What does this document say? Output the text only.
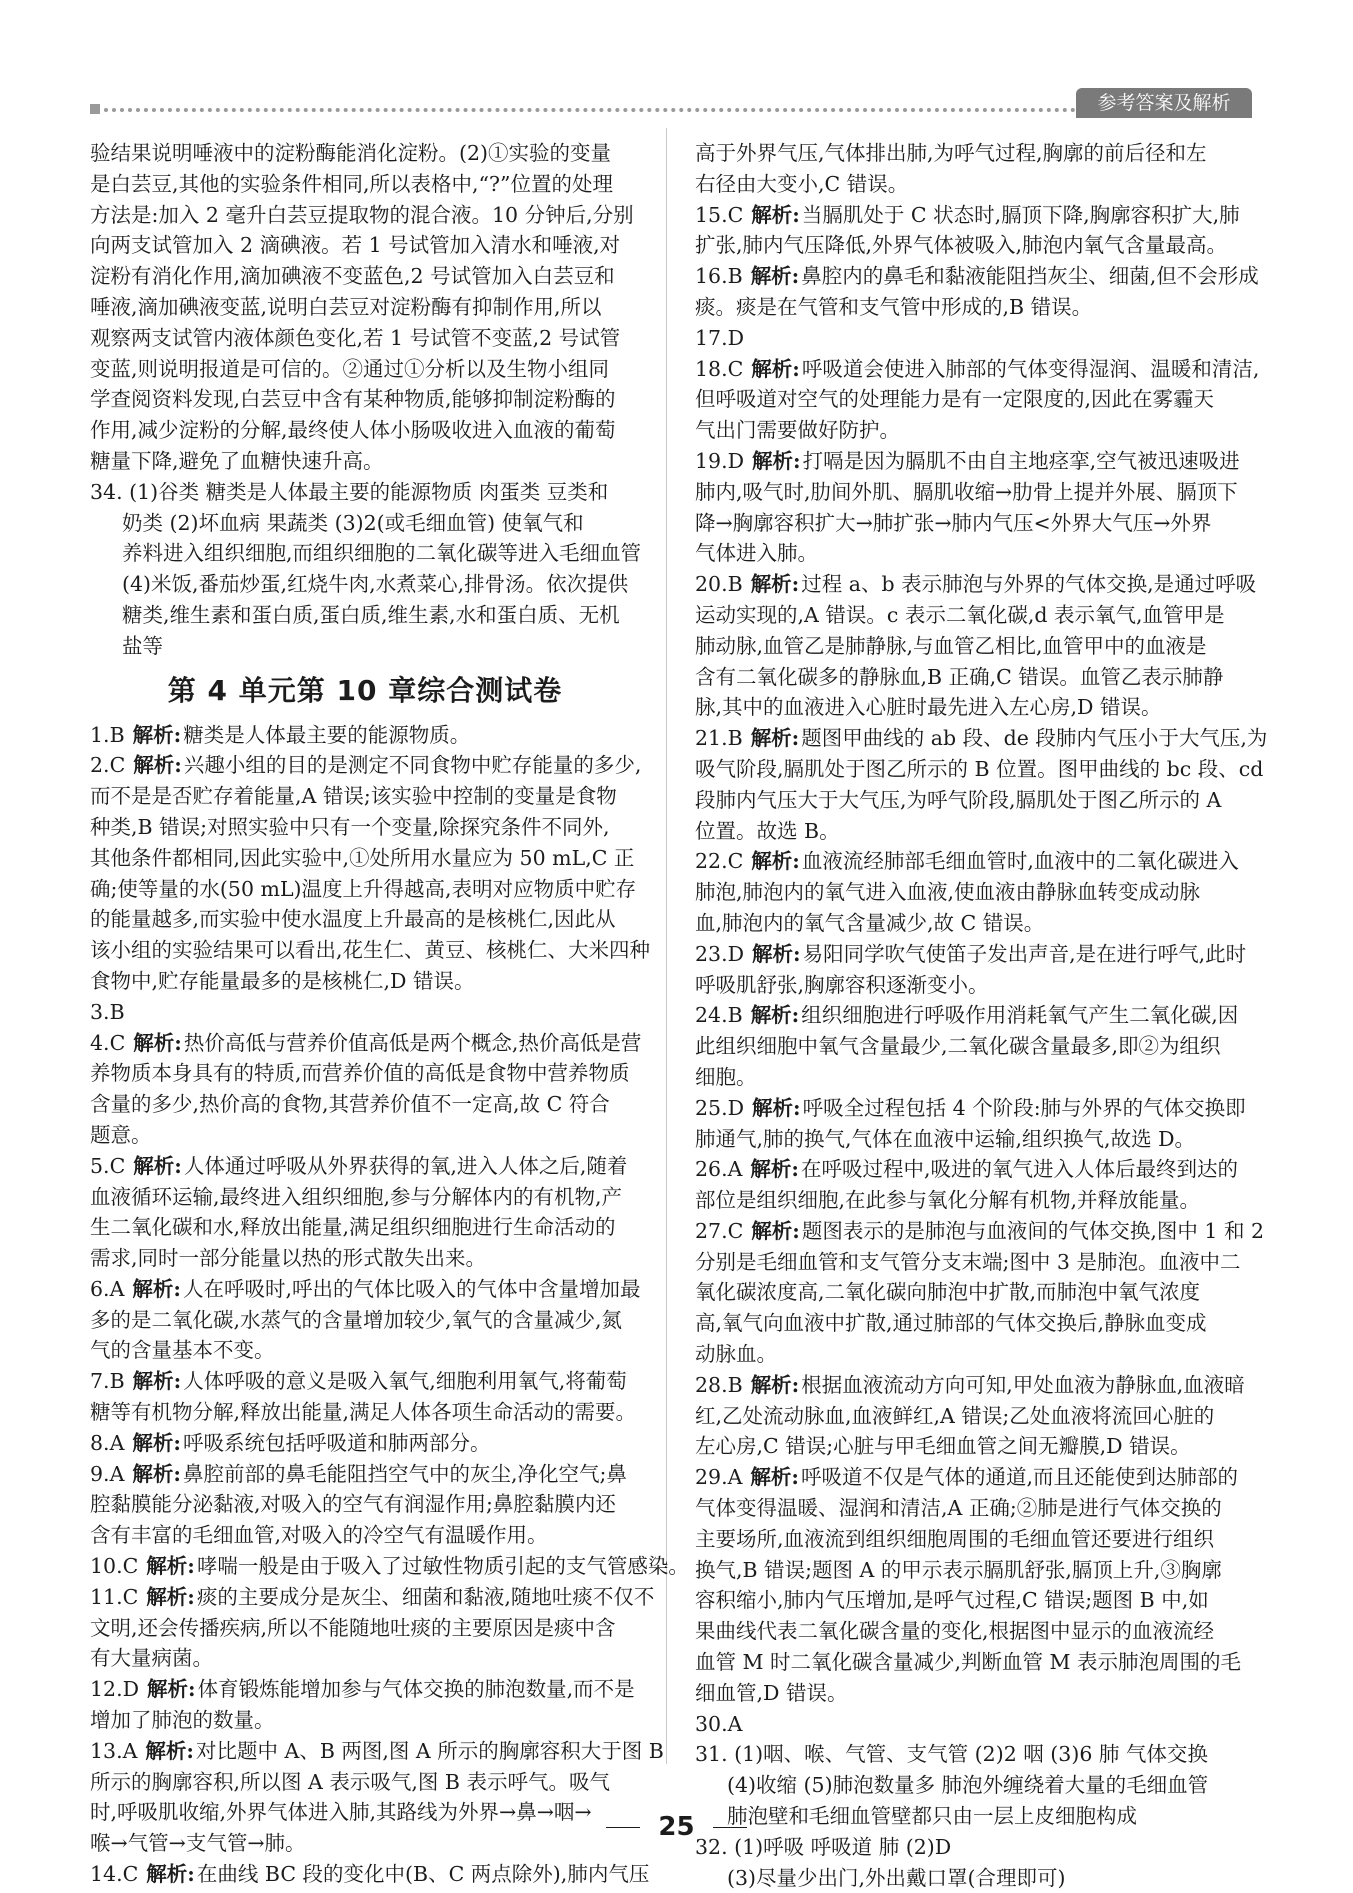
参考答案及解析
验结果说明唾液中的淀粉酶能消化淀粉。(2)①实验的变量
是白芸豆,其他的实验条件相同,所以表格中,“?”位置的处理
方法是:加入 2 毫升白芸豆提取物的混合液。10 分钟后,分别
向两支试管加入 2 滴碘液。若 1 号试管加入清水和唾液,对
淀粉有消化作用,滴加碘液不变蓝色,2 号试管加入白芸豆和
唾液,滴加碘液变蓝,说明白芸豆对淀粉酶有抑制作用,所以
观察两支试管内液体颜色变化,若 1 号试管不变蓝,2 号试管
变蓝,则说明报道是可信的。②通过①分析以及生物小组同
学查阅资料发现,白芸豆中含有某种物质,能够抑制淀粉酶的
作用,减少淀粉的分解,最终使人体小肠吸收进入血液的葡萄
糖量下降,避免了血糖快速升高。
34. (1)谷类 糖类是人体最主要的能源物质 肉蛋类 豆类和
奶类 (2)坏血病 果蔬类 (3)2(或毛细血管) 使氧气和
养料进入组织细胞,而组织细胞的二氧化碳等进入毛细血管
(4)米饭,番茄炒蛋,红烧牛肉,水煮菜心,排骨汤。依次提供
糖类,维生素和蛋白质,蛋白质,维生素,水和蛋白质、无机
盐等
第 4 单元第 10 章综合测试卷
1.B 解析:糖类是人体最主要的能源物质。
2.C 解析:兴趣小组的目的是测定不同食物中贮存能量的多少,
而不是是否贮存着能量,A 错误;该实验中控制的变量是食物
种类,B 错误;对照实验中只有一个变量,除探究条件不同外,
其他条件都相同,因此实验中,①处所用水量应为 50 mL,C 正
确;使等量的水(50 mL)温度上升得越高,表明对应物质中贮存
的能量越多,而实验中使水温度上升最高的是核桃仁,因此从
该小组的实验结果可以看出,花生仁、黄豆、核桃仁、大米四种
食物中,贮存能量最多的是核桃仁,D 错误。
3.B
4.C 解析:热价高低与营养价值高低是两个概念,热价高低是营
养物质本身具有的特质,而营养价值的高低是食物中营养物质
含量的多少,热价高的食物,其营养价值不一定高,故 C 符合
题意。
5.C 解析:人体通过呼吸从外界获得的氧,进入人体之后,随着
血液循环运输,最终进入组织细胞,参与分解体内的有机物,产
生二氧化碳和水,释放出能量,满足组织细胞进行生命活动的
需求,同时一部分能量以热的形式散失出来。
6.A 解析:人在呼吸时,呼出的气体比吸入的气体中含量增加最
多的是二氧化碳,水蒸气的含量增加较少,氧气的含量减少,氮
气的含量基本不变。
7.B 解析:人体呼吸的意义是吸入氧气,细胞利用氧气,将葡萄
糖等有机物分解,释放出能量,满足人体各项生命活动的需要。
8.A 解析:呼吸系统包括呼吸道和肺两部分。
9.A 解析:鼻腔前部的鼻毛能阻挡空气中的灰尘,净化空气;鼻
腔黏膜能分泌黏液,对吸入的空气有润湿作用;鼻腔黏膜内还
含有丰富的毛细血管,对吸入的冷空气有温暖作用。
10.C 解析:哮喘一般是由于吸入了过敏性物质引起的支气管感染。
11.C 解析:痰的主要成分是灰尘、细菌和黏液,随地吐痰不仅不
文明,还会传播疾病,所以不能随地吐痰的主要原因是痰中含
有大量病菌。
12.D 解析:体育锻炼能增加参与气体交换的肺泡数量,而不是
增加了肺泡的数量。
13.A 解析:对比题中 A、B 两图,图 A 所示的胸廓容积大于图 B
所示的胸廓容积,所以图 A 表示吸气,图 B 表示呼气。吸气
时,呼吸肌收缩,外界气体进入肺,其路线为外界→鼻→咽→
喉→气管→支气管→肺。
14.C 解析:在曲线 BC 段的变化中(B、C 两点除外),肺内气压
高于外界气压,气体排出肺,为呼气过程,胸廓的前后径和左
右径由大变小,C 错误。
15.C 解析:当膈肌处于 C 状态时,膈顶下降,胸廓容积扩大,肺
扩张,肺内气压降低,外界气体被吸入,肺泡内氧气含量最高。
16.B 解析:鼻腔内的鼻毛和黏液能阻挡灰尘、细菌,但不会形成
痰。痰是在气管和支气管中形成的,B 错误。
17.D
18.C 解析:呼吸道会使进入肺部的气体变得湿润、温暖和清洁,
但呼吸道对空气的处理能力是有一定限度的,因此在雾霾天
气出门需要做好防护。
19.D 解析:打嗝是因为膈肌不由自主地痉挛,空气被迅速吸进
肺内,吸气时,肋间外肌、膈肌收缩→肋骨上提并外展、膈顶下
降→胸廓容积扩大→肺扩张→肺内气压<外界大气压→外界
气体进入肺。
20.B 解析:过程 a、b 表示肺泡与外界的气体交换,是通过呼吸
运动实现的,A 错误。c 表示二氧化碳,d 表示氧气,血管甲是
肺动脉,血管乙是肺静脉,与血管乙相比,血管甲中的血液是
含有二氧化碳多的静脉血,B 正确,C 错误。血管乙表示肺静
脉,其中的血液进入心脏时最先进入左心房,D 错误。
21.B 解析:题图甲曲线的 ab 段、de 段肺内气压小于大气压,为
吸气阶段,膈肌处于图乙所示的 B 位置。图甲曲线的 bc 段、cd
段肺内气压大于大气压,为呼气阶段,膈肌处于图乙所示的 A
位置。故选 B。
22.C 解析:血液流经肺部毛细血管时,血液中的二氧化碳进入
肺泡,肺泡内的氧气进入血液,使血液由静脉血转变成动脉
血,肺泡内的氧气含量减少,故 C 错误。
23.D 解析:易阳同学吹气使笛子发出声音,是在进行呼气,此时
呼吸肌舒张,胸廓容积逐渐变小。
24.B 解析:组织细胞进行呼吸作用消耗氧气产生二氧化碳,因
此组织细胞中氧气含量最少,二氧化碳含量最多,即②为组织
细胞。
25.D 解析:呼吸全过程包括 4 个阶段:肺与外界的气体交换即
肺通气,肺的换气,气体在血液中运输,组织换气,故选 D。
26.A 解析:在呼吸过程中,吸进的氧气进入人体后最终到达的
部位是组织细胞,在此参与氧化分解有机物,并释放能量。
27.C 解析:题图表示的是肺泡与血液间的气体交换,图中 1 和 2
分别是毛细血管和支气管分支末端;图中 3 是肺泡。血液中二
氧化碳浓度高,二氧化碳向肺泡中扩散,而肺泡中氧气浓度
高,氧气向血液中扩散,通过肺部的气体交换后,静脉血变成
动脉血。
28.B 解析:根据血液流动方向可知,甲处血液为静脉血,血液暗
红,乙处流动脉血,血液鲜红,A 错误;乙处血液将流回心脏的
左心房,C 错误;心脏与甲毛细血管之间无瓣膜,D 错误。
29.A 解析:呼吸道不仅是气体的通道,而且还能使到达肺部的
气体变得温暖、湿润和清洁,A 正确;②肺是进行气体交换的
主要场所,血液流到组织细胞周围的毛细血管还要进行组织
换气,B 错误;题图 A 的甲示表示膈肌舒张,膈顶上升,③胸廓
容积缩小,肺内气压增加,是呼气过程,C 错误;题图 B 中,如
果曲线代表二氧化碳含量的变化,根据图中显示的血液流经
血管 M 时二氧化碳含量减少,判断血管 M 表示肺泡周围的毛
细血管,D 错误。
30.A
31. (1)咽、喉、气管、支气管 (2)2 咽 (3)6 肺 气体交换
(4)收缩 (5)肺泡数量多 肺泡外缠绕着大量的毛细血管
肺泡壁和毛细血管壁都只由一层上皮细胞构成
32. (1)呼吸 呼吸道 肺 (2)D
(3)尽量少出门,外出戴口罩(合理即可)
25
